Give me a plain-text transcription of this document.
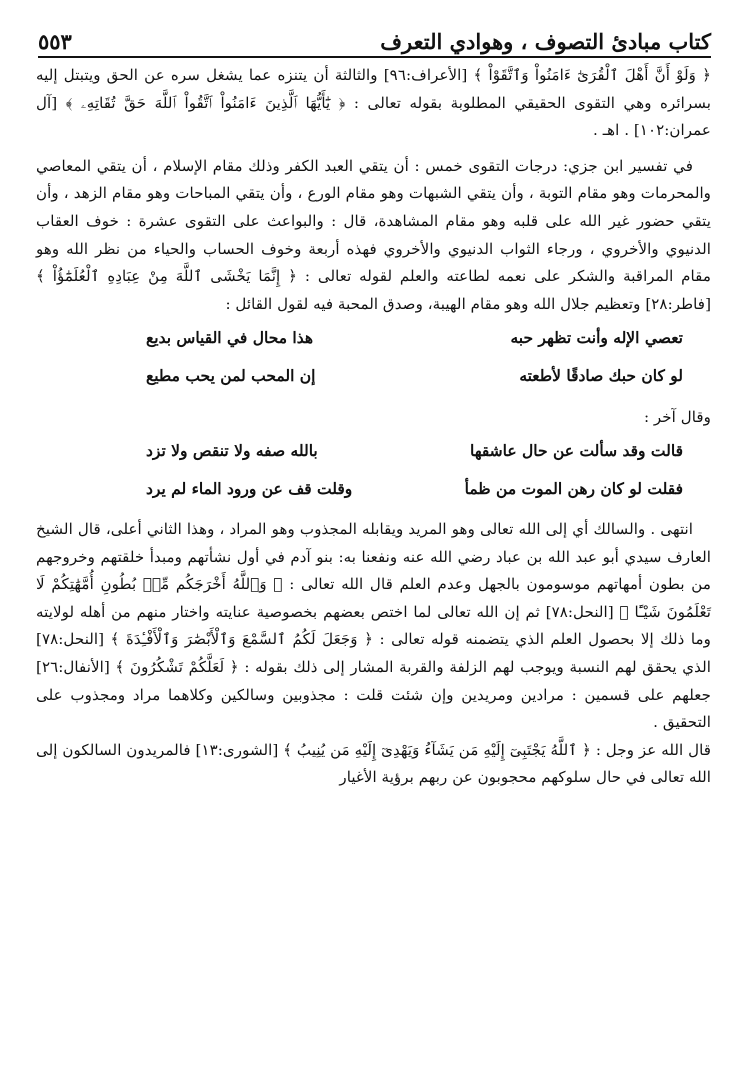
كتاب مبادئ التصوف ، وهوادي التعرف
٥٥٣

﴿ وَلَوْ أَنَّ أَهْلَ ٱلْقُرَىٰٓ ءَامَنُواْ وَٱتَّقَوْاْ ﴾ [الأعراف:٩٦] والثالثة أن يتنزه عما يشغل سره عن الحق ويتبتل إليه بسرائره وهي التقوى الحقيقي المطلوبة بقوله تعالى : ﴿ يَٰٓأَيُّهَا ٱلَّذِينَ ءَامَنُواْ ٱتَّقُواْ ٱللَّهَ حَقَّ تُقَاتِهِۦ ﴾ [آل عمران:١٠٢] . اهـ .

في تفسير ابن جزي: درجات التقوى خمس : أن يتقي العبد الكفر وذلك مقام الإسلام ، أن يتقي المعاصي والمحرمات وهو مقام التوبة ، وأن يتقي الشبهات وهو مقام الورع ، وأن يتقي المباحات وهو مقام الزهد ، وأن يتقي حضور غير الله على قلبه وهو مقام المشاهدة، قال : والبواعث على التقوى عشرة : خوف العقاب الدنيوي والأخروي ، ورجاء الثواب الدنيوي والأخروي فهذه أربعة وخوف الحساب والحياء من نظر الله وهو مقام المراقبة والشكر على نعمه لطاعته والعلم لقوله تعالى : ﴿ إِنَّمَا يَخْشَى ٱللَّهَ مِنْ عِبَادِهِ ٱلْعُلَمَٰٓؤُاْ ﴾ [فاطر:٢٨] وتعظيم جلال الله وهو مقام الهيبة، وصدق المحبة فيه لقول القائل :

تعصي الإله وأنت تظهر حبه
هذا محال في القياس بديع
لو كان حبك صادقًا لأطعته
إن المحب لمن يحب مطيع

وقال آخر :

قالت وقد سألت عن حال عاشقها
بالله صفه ولا تنقص ولا تزد
فقلت لو كان رهن الموت من ظمأ
وقلت قف عن ورود الماء لم يرد

انتهى . والسالك أي إلى الله تعالى وهو المريد ويقابله المجذوب وهو المراد ، وهذا الثاني أعلى، قال الشيخ العارف سيدي أبو عبد الله بن عباد رضي الله عنه ونفعنا به: بنو آدم في أول نشأتهم ومبدأ خلقتهم وخروجهم من بطون أمهاتهم موسومون بالجهل وعدم العلم قال الله تعالى : ﴿ وَٱللَّهُ أَخْرَجَكُم مِّنۢ بُطُونِ أُمَّهَٰتِكُمْ لَا تَعْلَمُونَ شَيْـًٔا ﴾ [النحل:٧٨] ثم إن الله تعالى لما اختص بعضهم بخصوصية عنايته واختار منهم من أهله لولايته وما ذلك إلا بحصول العلم الذي يتضمنه قوله تعالى : ﴿ وَجَعَلَ لَكُمُ ٱلسَّمْعَ وَٱلْأَبْصَٰرَ وَٱلْأَفْـِٔدَةَ ﴾ [النحل:٧٨] الذي يحقق لهم النسبة ويوجب لهم الزلفة والقربة المشار إلى ذلك بقوله : ﴿ لَعَلَّكُمْ تَشْكُرُونَ ﴾ [الأنفال:٢٦] جعلهم على قسمين : مرادين ومريدين وإن شئت قلت : مجذوبين وسالكين وكلاهما مراد ومجذوب على التحقيق .

قال الله عز وجل : ﴿ ٱللَّهُ يَجْتَبِىٓ إِلَيْهِ مَن يَشَآءُ وَيَهْدِىٓ إِلَيْهِ مَن يُنِيبُ ﴾ [الشورى:١٣] فالمريدون السالكون إلى الله تعالى في حال سلوكهم محجوبون عن ربهم برؤية الأغيار
